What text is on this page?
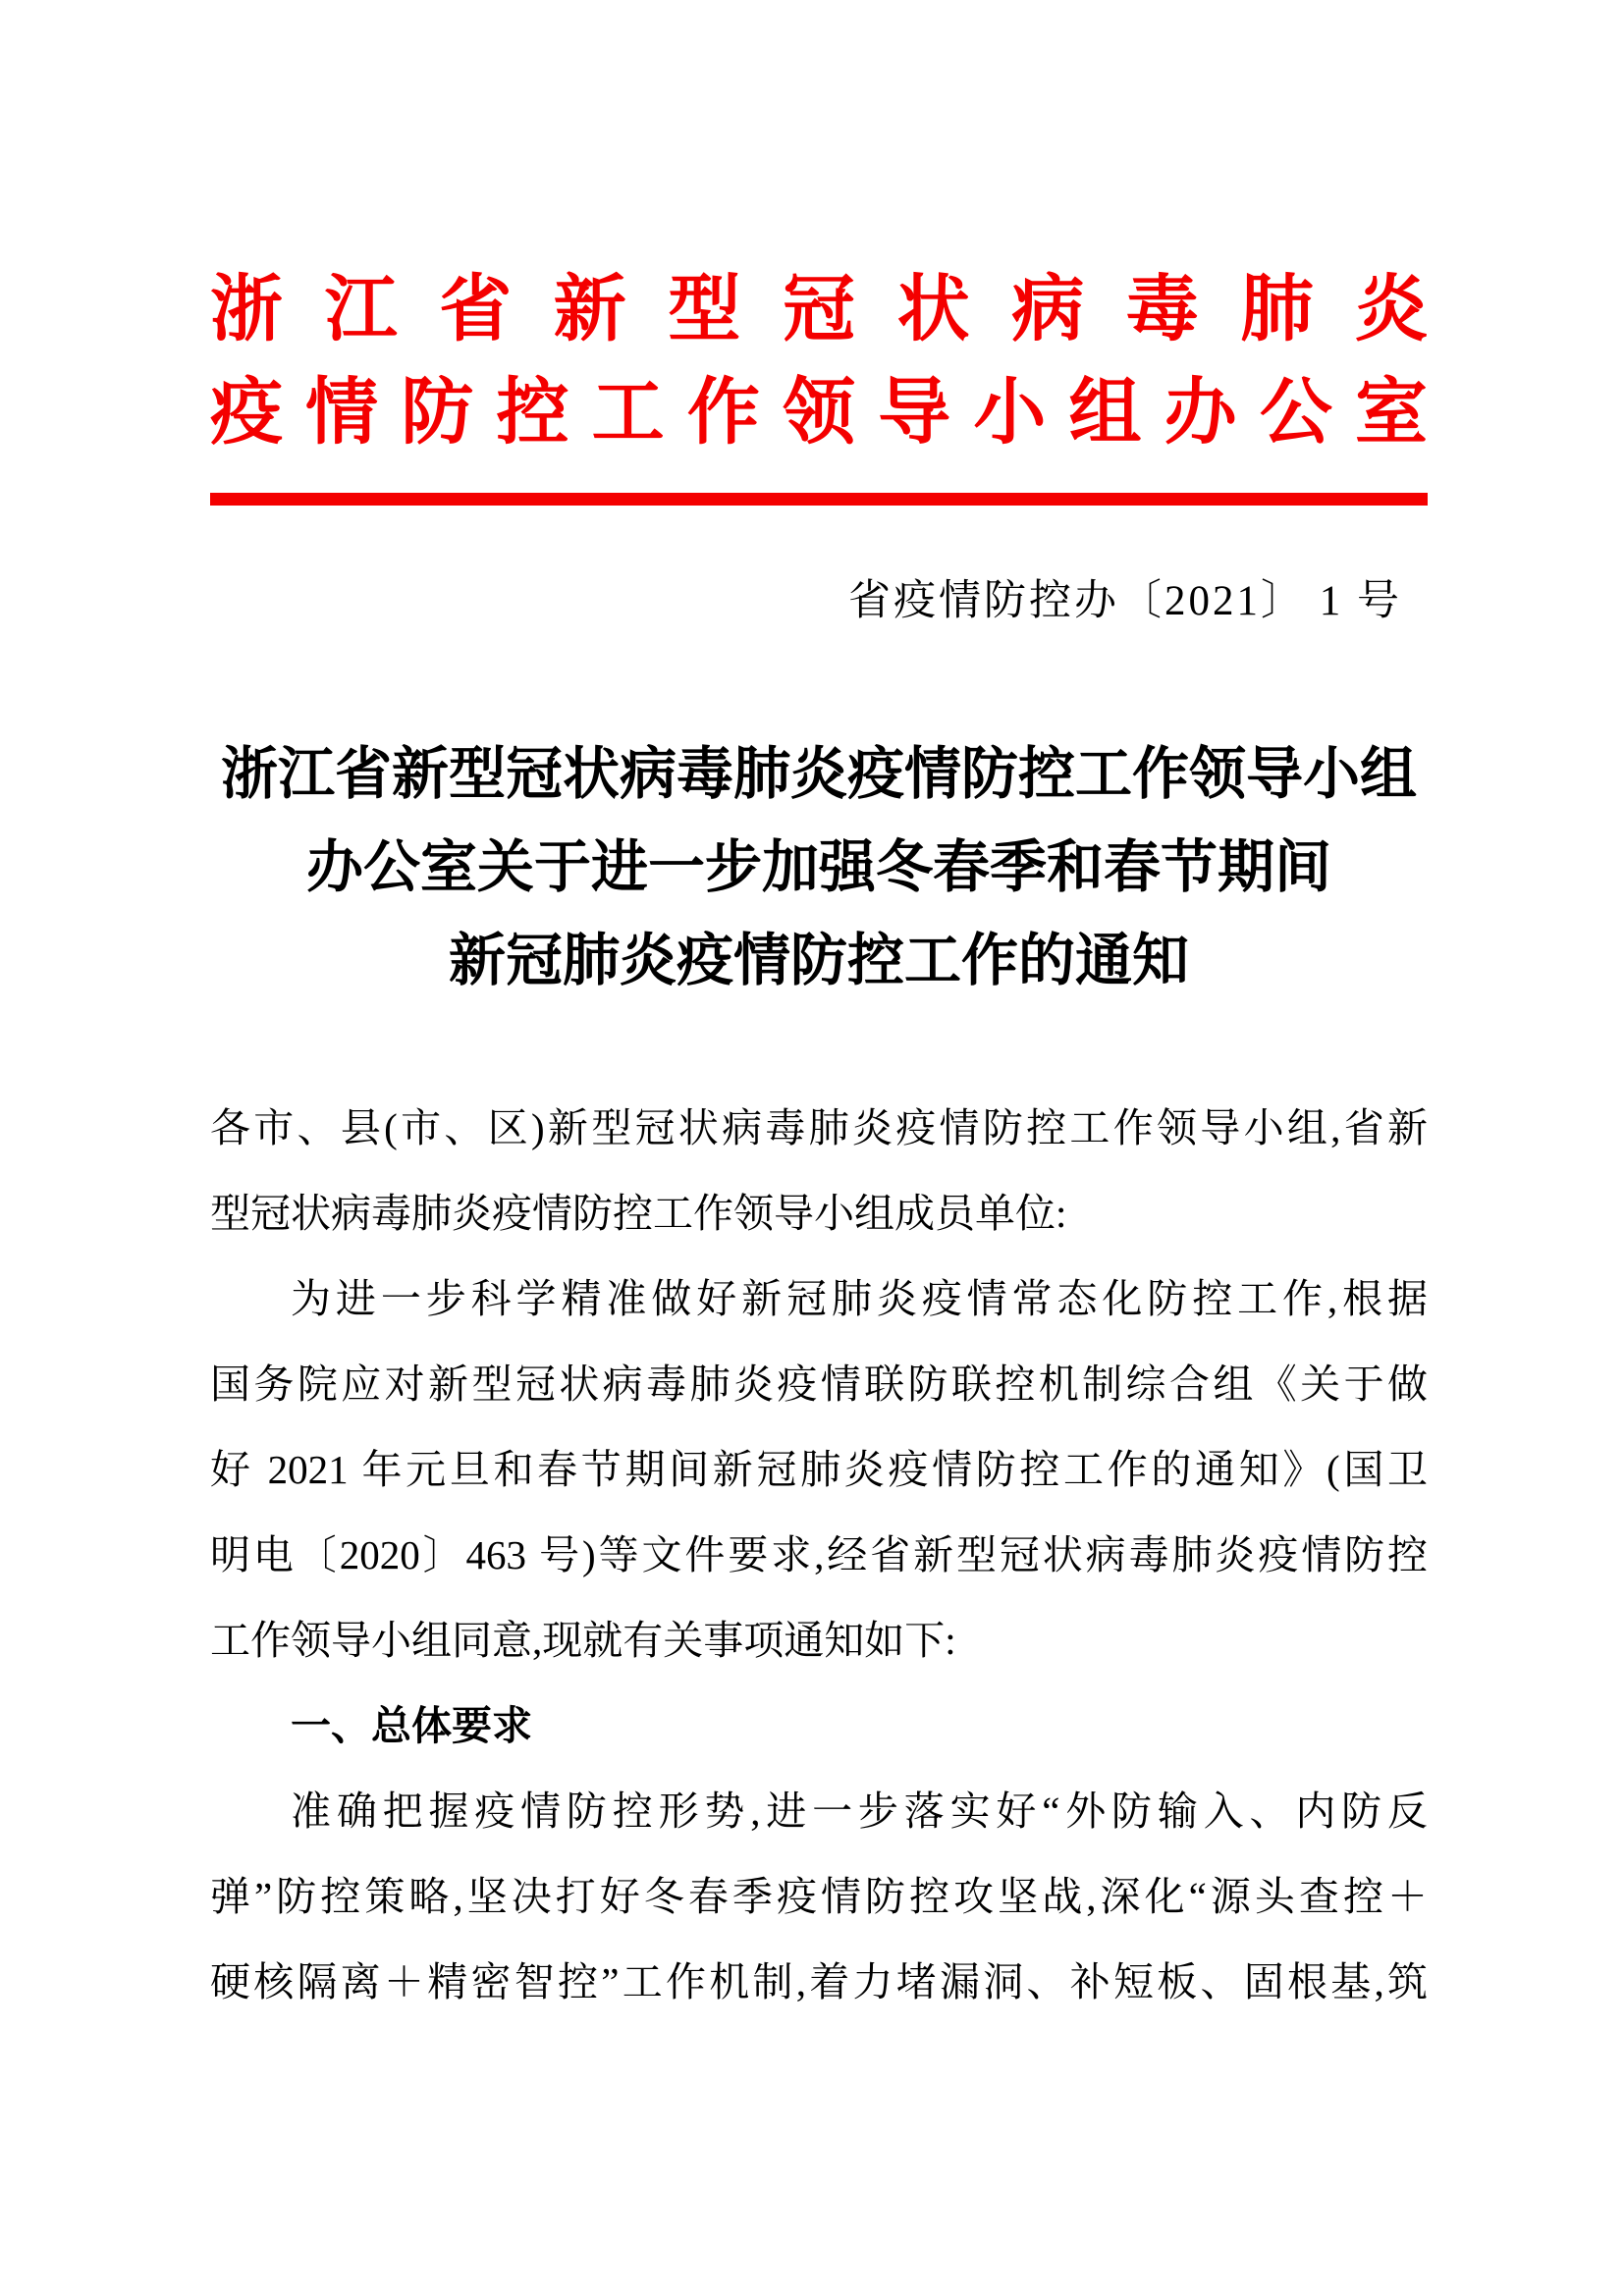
浙江省新型冠状病毒肺炎
疫情防控工作领导小组办公室
省疫情防控办〔2021〕 1 号
浙江省新型冠状病毒肺炎疫情防控工作领导小组
办公室关于进一步加强冬春季和春节期间
新冠肺炎疫情防控工作的通知
各市、县(市、区)新型冠状病毒肺炎疫情防控工作领导小组,省新
型冠状病毒肺炎疫情防控工作领导小组成员单位:
为进一步科学精准做好新冠肺炎疫情常态化防控工作,根据
国务院应对新型冠状病毒肺炎疫情联防联控机制综合组《关于做
好 2021 年元旦和春节期间新冠肺炎疫情防控工作的通知》(国卫
明电〔2020〕463 号)等文件要求,经省新型冠状病毒肺炎疫情防控
工作领导小组同意,现就有关事项通知如下:
一、总体要求
准确把握疫情防控形势,进一步落实好“外防输入、内防反
弹”防控策略,坚决打好冬春季疫情防控攻坚战,深化“源头查控＋
硬核隔离＋精密智控”工作机制,着力堵漏洞、补短板、固根基,筑
